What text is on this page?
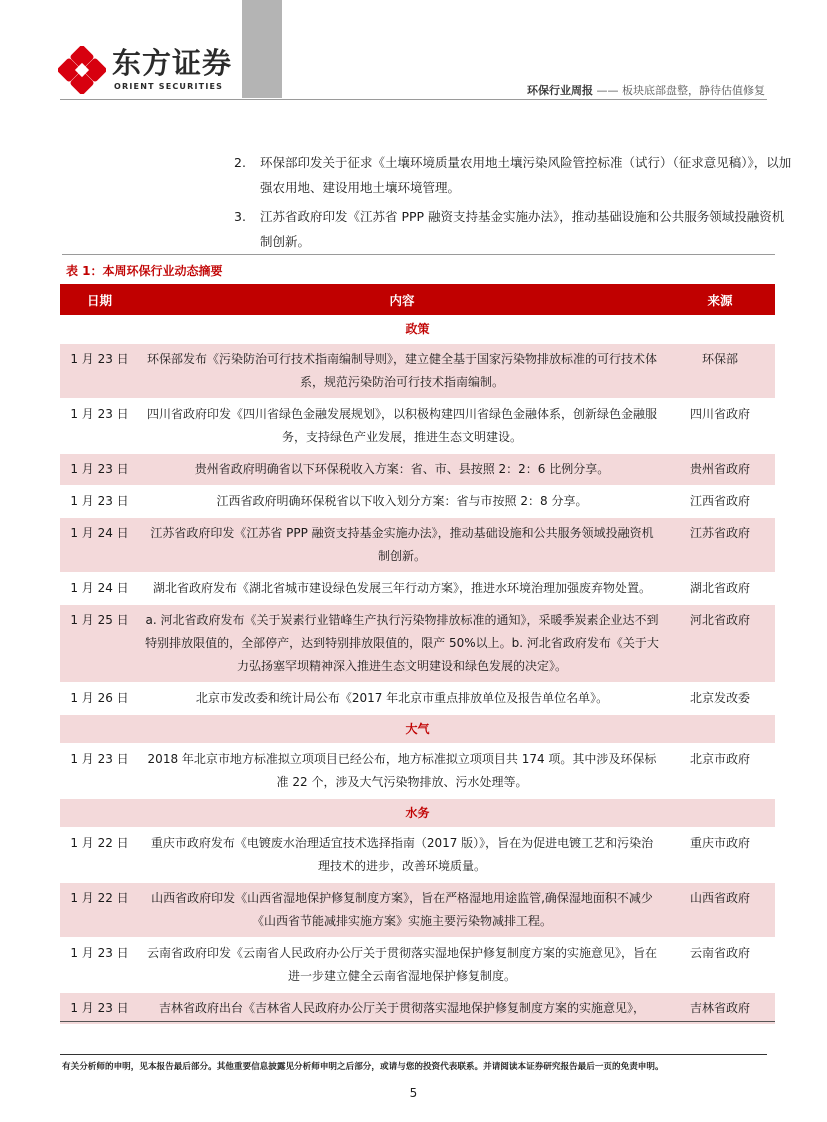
东方证券
ORIENT SECURITIES	环保行业周报 —— 板块底部盘整，静待估值修复
2.	环保部印发关于征求《土壤环境质量农用地土壤污染风险管控标准（试行）（征求意见稿）》，以加强农用地、建设用地土壤环境管理。
3.	江苏省政府印发《江苏省 PPP 融资支持基金实施办法》，推动基础设施和公共服务领域投融资机制创新。
表 1：本周环保行业动态摘要
日期	内容	来源
政策		
1 月 23 日	环保部发布《污染防治可行技术指南编制导则》，建立健全基于国家污染物排放标准的可行技术体系，规范污染防治可行技术指南编制。	环保部
1 月 23 日	四川省政府印发《四川省绿色金融发展规划》，以积极构建四川省绿色金融体系，创新绿色金融服务，支持绿色产业发展，推进生态文明建设。	四川省政府
1 月 23 日	贵州省政府明确省以下环保税收入方案：省、市、县按照 2：2：6 比例分享。	贵州省政府
1 月 23 日	江西省政府明确环保税省以下收入划分方案：省与市按照 2：8 分享。	江西省政府
1 月 24 日	江苏省政府印发《江苏省 PPP 融资支持基金实施办法》，推动基础设施和公共服务领域投融资机制创新。	江苏省政府
1 月 24 日	湖北省政府发布《湖北省城市建设绿色发展三年行动方案》，推进水环境治理加强废弃物处置。	湖北省政府
1 月 25 日	a. 河北省政府发布《关于炭素行业错峰生产执行污染物排放标准的通知》，采暖季炭素企业达不到特别排放限值的，全部停产，达到特别排放限值的，限产 50%以上。b. 河北省政府发布《关于大力弘扬塞罕坝精神深入推进生态文明建设和绿色发展的决定》。	河北省政府
1 月 26 日	北京市发改委和统计局公布《2017 年北京市重点排放单位及报告单位名单》。	北京发改委
大气		
1 月 23 日	2018 年北京市地方标准拟立项项目已经公布，地方标准拟立项项目共 174 项。其中涉及环保标准 22 个，涉及大气污染物排放、污水处理等。	北京市政府
水务		
1 月 22 日	重庆市政府发布《电镀废水治理适宜技术选择指南（2017 版）》，旨在为促进电镀工艺和污染治理技术的进步，改善环境质量。	重庆市政府
1 月 22 日	山西省政府印发《山西省湿地保护修复制度方案》，旨在严格湿地用途监管,确保湿地面积不减少《山西省节能减排实施方案》实施主要污染物减排工程。	山西省政府
1 月 23 日	云南省政府印发《云南省人民政府办公厅关于贯彻落实湿地保护修复制度方案的实施意见》，旨在进一步建立健全云南省湿地保护修复制度。	云南省政府
1 月 23 日	吉林省政府出台《吉林省人民政府办公厅关于贯彻落实湿地保护修复制度方案的实施意见》，	吉林省政府
有关分析师的申明，见本报告最后部分。其他重要信息披露见分析师申明之后部分，或请与您的投资代表联系。并请阅读本证券研究报告最后一页的免责申明。
5
